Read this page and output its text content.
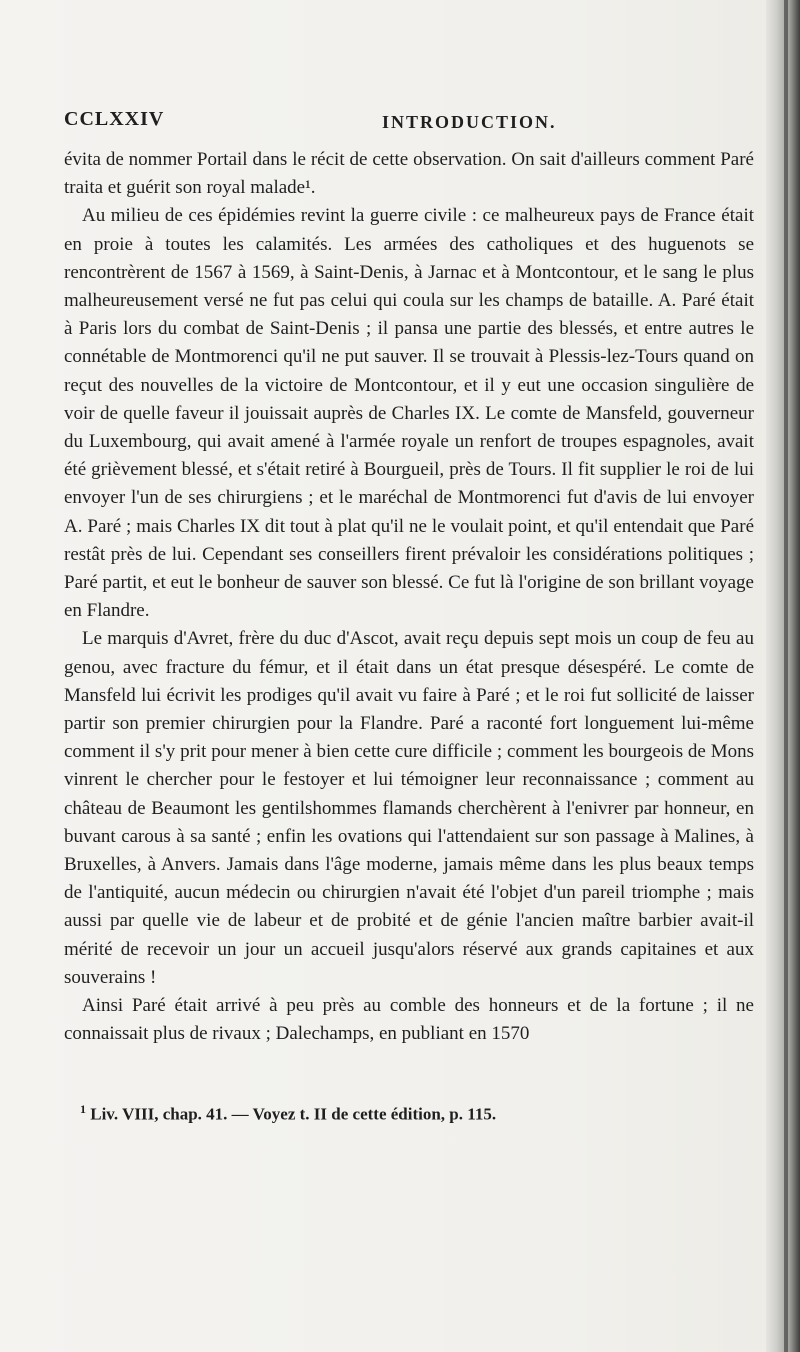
CCLXXIV	INTRODUCTION.

évita de nommer Portail dans le récit de cette observation. On sait d'ailleurs comment Paré traita et guérit son royal malade¹.

Au milieu de ces épidémies revint la guerre civile : ce malheureux pays de France était en proie à toutes les calamités. Les armées des catholiques et des huguenots se rencontrèrent de 1567 à 1569, à Saint-Denis, à Jarnac et à Montcontour, et le sang le plus malheureusement versé ne fut pas celui qui coula sur les champs de bataille. A. Paré était à Paris lors du combat de Saint-Denis ; il pansa une partie des blessés, et entre autres le connétable de Montmorenci qu'il ne put sauver. Il se trouvait à Plessis-lez-Tours quand on reçut des nouvelles de la victoire de Montcontour, et il y eut une occasion singulière de voir de quelle faveur il jouissait auprès de Charles IX. Le comte de Mansfeld, gouverneur du Luxembourg, qui avait amené à l'armée royale un renfort de troupes espagnoles, avait été grièvement blessé, et s'était retiré à Bourgueil, près de Tours. Il fit supplier le roi de lui envoyer l'un de ses chirurgiens ; et le maréchal de Montmorenci fut d'avis de lui envoyer A. Paré ; mais Charles IX dit tout à plat qu'il ne le voulait point, et qu'il entendait que Paré restât près de lui. Cependant ses conseillers firent prévaloir les considérations politiques ; Paré partit, et eut le bonheur de sauver son blessé. Ce fut là l'origine de son brillant voyage en Flandre.

Le marquis d'Avret, frère du duc d'Ascot, avait reçu depuis sept mois un coup de feu au genou, avec fracture du fémur, et il était dans un état presque désespéré. Le comte de Mansfeld lui écrivit les prodiges qu'il avait vu faire à Paré ; et le roi fut sollicité de laisser partir son premier chirurgien pour la Flandre. Paré a raconté fort longuement lui-même comment il s'y prit pour mener à bien cette cure difficile ; comment les bourgeois de Mons vinrent le chercher pour le festoyer et lui témoigner leur reconnaissance ; comment au château de Beaumont les gentilshommes flamands cherchèrent à l'enivrer par honneur, en buvant carous à sa santé ; enfin les ovations qui l'attendaient sur son passage à Malines, à Bruxelles, à Anvers. Jamais dans l'âge moderne, jamais même dans les plus beaux temps de l'antiquité, aucun médecin ou chirurgien n'avait été l'objet d'un pareil triomphe ; mais aussi par quelle vie de labeur et de probité et de génie l'ancien maître barbier avait-il mérité de recevoir un jour un accueil jusqu'alors réservé aux grands capitaines et aux souverains !

Ainsi Paré était arrivé à peu près au comble des honneurs et de la fortune ; il ne connaissait plus de rivaux ; Dalechamps, en publiant en 1570

$^1$ Liv. VIII, chap. 41. — Voyez t. II de cette édition, p. 115.
